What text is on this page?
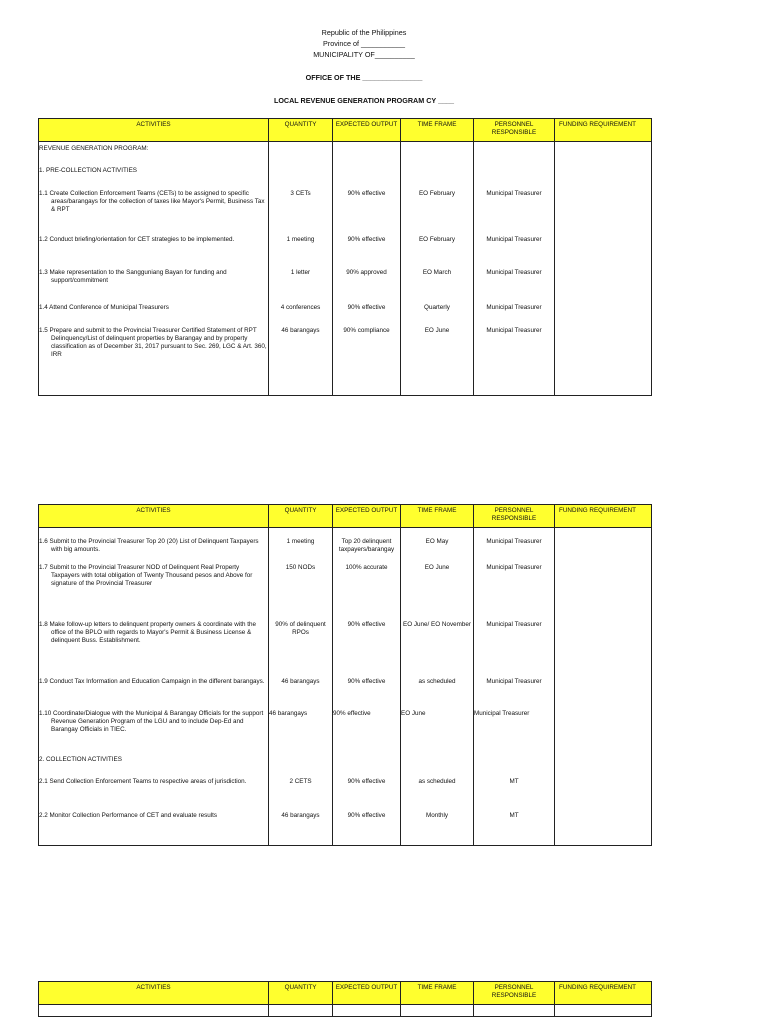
Republic of the Philippines
Province of ___________
MUNICIPALITY OF__________
OFFICE OF THE _______________
LOCAL REVENUE GENERATION PROGRAM CY ____
ACTIVITIES	QUANTITY	EXPECTED OUTPUT	TIME FRAME	PERSONNEL RESPONSIBLE	FUNDING REQUIREMENT
REVENUE GENERATION PROGRAM:					
1. PRE-COLLECTION ACTIVITIES					

1.1 Create Collection Enforcement Teams (CETs) to be assigned to specific areas/barangays for the collection of taxes like Mayor's Permit, Business Tax & RPT	3 CETs	90% effective	EO February	Municipal Treasurer	

1.2 Conduct briefing/orientation for CET strategies to be implemented.	1 meeting	90% effective	EO February	Municipal Treasurer	

1.3 Make representation to the Sangguniang Bayan for funding and support/commitment	1 letter	90% approved	EO March	Municipal Treasurer	

1.4 Attend Conference of Municipal Treasurers	4 conferences	90% effective	Quarterly	Municipal Treasurer	

1.5 Prepare and submit to the Provincial Treasurer Certified Statement of RPT Delinquency/List of delinquent properties by Barangay and by property classification as of December 31, 2017 pursuant to Sec. 269, LGC & Art. 360, IRR	46 barangays	90% compliance	EO June	Municipal Treasurer	
ACTIVITIES	QUANTITY	EXPECTED OUTPUT	TIME FRAME	PERSONNEL RESPONSIBLE	FUNDING REQUIREMENT

1.6 Submit to the Provincial Treasurer Top 20 (20) List of Delinquent Taxpayers with big amounts.	1 meeting	Top 20 delinquent taxpayers/barangay	EO May	Municipal Treasurer	

1.7 Submit to the Provincial Treasurer NOD of Delinquent Real Property Taxpayers with total obligation of Twenty Thousand pesos and Above for signature of the Provincial Treasurer	150 NODs	100% accurate	EO June	Municipal Treasurer	

1.8 Make follow-up letters to delinquent property owners & coordinate with the office of the BPLO with regards to Mayor's Permit & Business License & delinquent Buss. Establishment.	90% of delinquent RPOs	90% effective	EO June/ EO November	Municipal Treasurer	

1.9 Conduct Tax Information and Education Campaign in the different barangays.	46 barangays	90% effective	as scheduled	Municipal Treasurer	

1.10 Coordinate/Dialogue with the Municipal & Barangay Officials for the support Revenue Generation Program of the LGU and to include Dep-Ed and Barangay Officials in TIEC.	46 barangays	90% effective	EO June	Municipal Treasurer	
2. COLLECTION ACTIVITIES					

2.1 Send Collection Enforcement Teams to respective areas of jurisdiction.	2 CETS	90% effective	as scheduled	MT	

2.2 Monitor Collection Performance of CET and evaluate results	46 barangays	90% effective	Monthly	MT	
ACTIVITIES	QUANTITY	EXPECTED OUTPUT	TIME FRAME	PERSONNEL RESPONSIBLE	FUNDING REQUIREMENT
